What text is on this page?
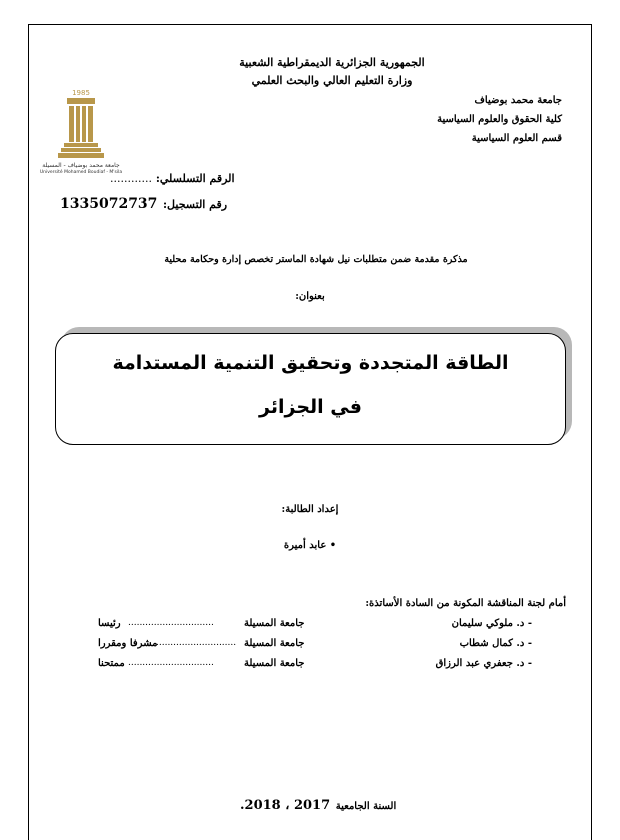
الجمهورية الجزائرية الديمقراطية الشعبية
وزارة التعليم العالي والبحث العلمي
جامعة محمد بوضياف
كلية الحقوق والعلوم السياسية
قسم العلوم السياسية
1985
جامعة محمد بوضياف - المسيلة
Université Mohamed Boudiaf - M'sila	الرقم التسلسلي: ............
رقم التسجيل: 1335072737
مذكرة مقدمة ضمن متطلبات نيل شهادة الماستر تخصص إدارة وحكامة محلية
بعنوان:
الطاقة المتجددة وتحقيق التنمية المستدامة
في الجزائر
إعداد الطالبة:
• عابد أميرة
أمام لجنة المناقشة المكونة من السادة الأساتذة:
- د. ملوكي سليمان
جامعة المسيلة
..............................
رئيسا
- د. كمال شطاب
جامعة المسيلة
............................
مشرفا ومقررا
- د. جعفري عبد الرزاق
جامعة المسيلة
..............................
ممتحنا
السنة الجامعية 2017 ، 2018.
